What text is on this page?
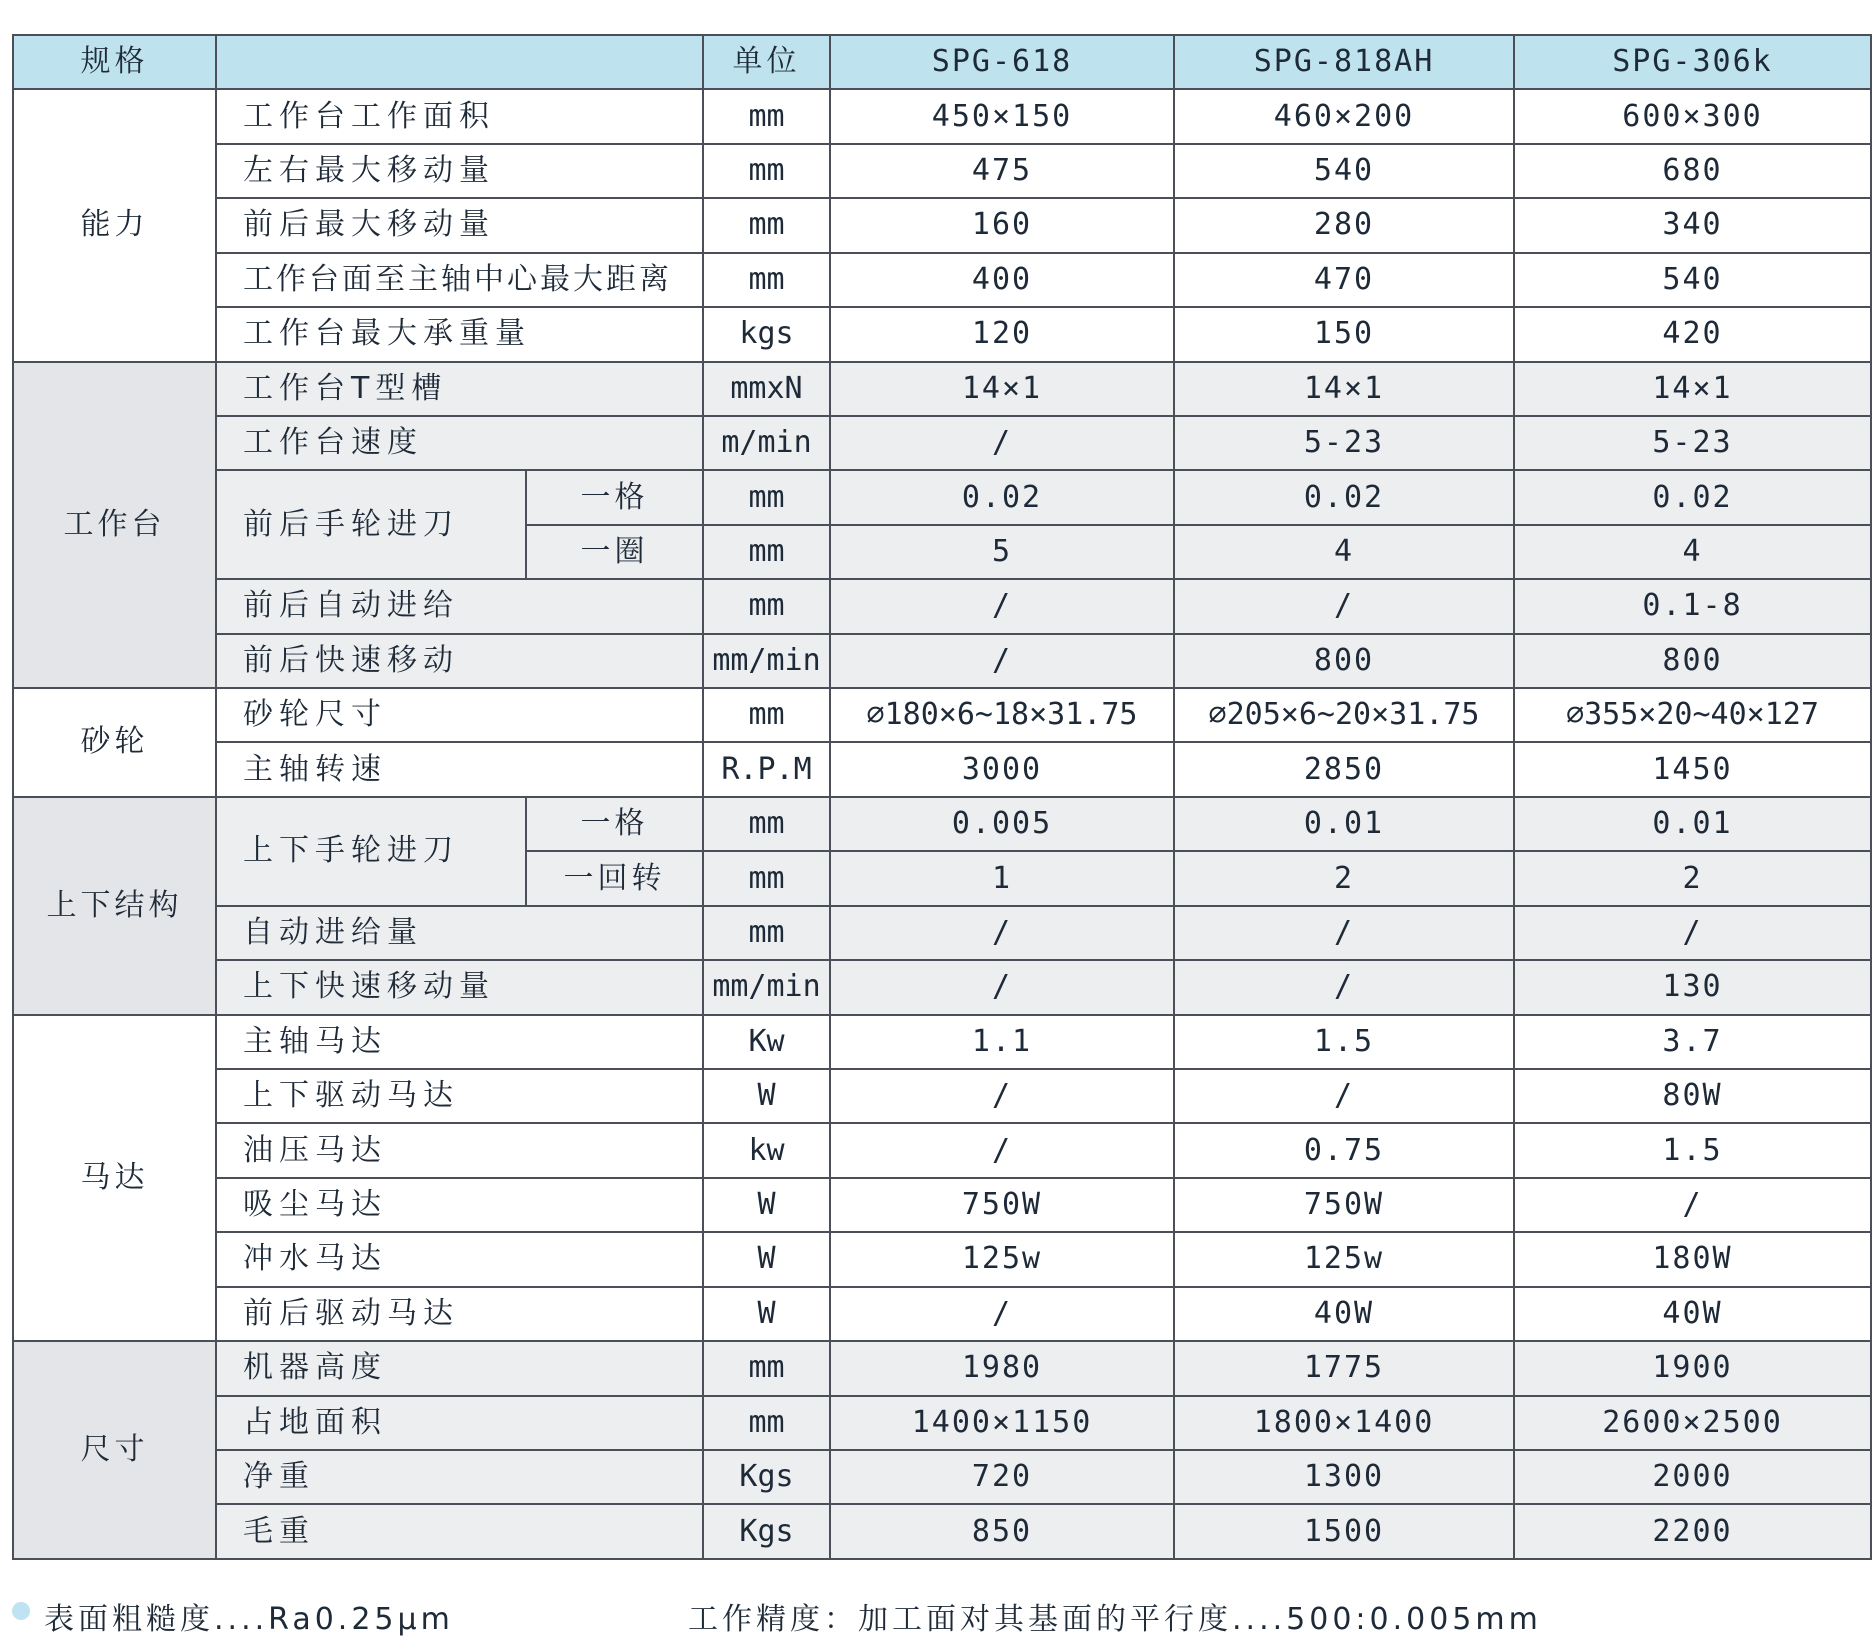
规格			单位	SPG-618	SPG-818AH	SPG-306k
能力	工作台工作面积		mm	450×150	460×200	600×300
	左右最大移动量		mm	475	540	680
	前后最大移动量		mm	160	280	340
	工作台面至主轴中心最大距离		mm	400	470	540
	工作台最大承重量		kgs	120	150	420
工作台	工作台T型槽		mmxN	14×1	14×1	14×1
	工作台速度		m/min	/	5-23	5-23
	前后手轮进刀	一格	mm	0.02	0.02	0.02
		一圈	mm	5	4	4
	前后自动进给		mm	/	/	0.1-8
	前后快速移动		mm/min	/	800	800
砂轮	砂轮尺寸		mm	∅180×6~18×31.75	∅205×6~20×31.75	∅355×20~40×127
	主轴转速		R.P.M	3000	2850	1450
上下结构	上下手轮进刀	一格	mm	0.005	0.01	0.01
		一回转	mm	1	2	2
	自动进给量		mm	/	/	/
	上下快速移动量		mm/min	/	/	130
马达	主轴马达		Kw	1.1	1.5	3.7
	上下驱动马达		W	/	/	80W
	油压马达		kw	/	0.75	1.5
	吸尘马达		W	750W	750W	/
	冲水马达		W	125w	125w	180W
	前后驱动马达		W	/	40W	40W
尺寸	机器高度		mm	1980	1775	1900
	占地面积		mm	1400×1150	1800×1400	2600×2500
	净重		Kgs	720	1300	2000
	毛重		Kgs	850	1500	2200
表面粗糙度....Ra0.25μm	工作精度：加工面对其基面的平行度....500:0.005mm
